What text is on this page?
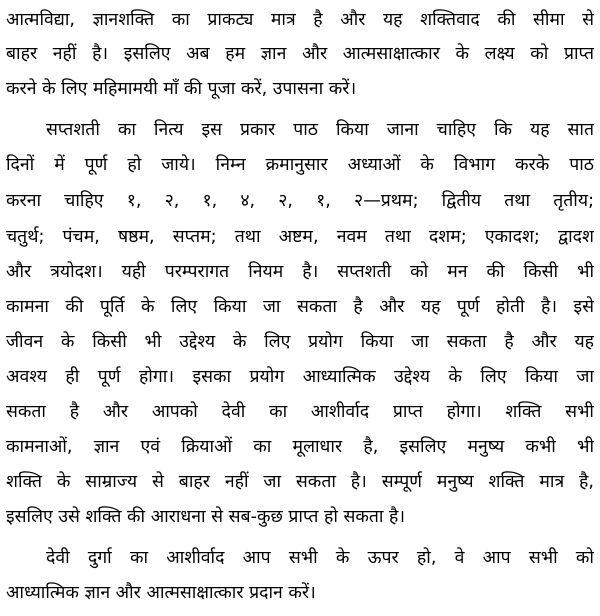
आत्मविद्या, ज्ञानशक्ति का प्राकट्य मात्र है और यह शक्तिवाद की सीमा से
बाहर नहीं है। इसलिए अब हम ज्ञान और आत्मसाक्षात्कार के लक्ष्य को प्राप्त
करने के लिए महिमामयी माँ की पूजा करें, उपासना करें।
सप्तशती का नित्य इस प्रकार पाठ किया जाना चाहिए कि यह सात
दिनों में पूर्ण हो जाये। निम्न क्रमानुसार अध्याओं के विभाग करके पाठ
करना चाहिए १, २, १, ४, २, १, २—प्रथम; द्वितीय तथा तृतीय;
चतुर्थ; पंचम, षष्ठम, सप्तम; तथा अष्टम, नवम तथा दशम; एकादश; द्वादश
और त्रयोदश। यही परम्परागत नियम है। सप्तशती को मन की किसी भी
कामना की पूर्ति के लिए किया जा सकता है और यह पूर्ण होती है। इसे
जीवन के किसी भी उद्देश्य के लिए प्रयोग किया जा सकता है और यह
अवश्य ही पूर्ण होगा। इसका प्रयोग आध्यात्मिक उद्देश्य के लिए किया जा
सकता है और आपको देवी का आशीर्वाद प्राप्त होगा। शक्ति सभी
कामनाओं, ज्ञान एवं क्रियाओं का मूलाधार है, इसलिए मनुष्य कभी भी
शक्ति के साम्राज्य से बाहर नहीं जा सकता है। सम्पूर्ण मनुष्य शक्ति मात्र है,
इसलिए उसे शक्ति की आराधना से सब-कुछ प्राप्त हो सकता है।
देवी दुर्गा का आशीर्वाद आप सभी के ऊपर हो, वे आप सभी को
आध्यात्मिक ज्ञान और आत्मसाक्षात्कार प्रदान करें।
